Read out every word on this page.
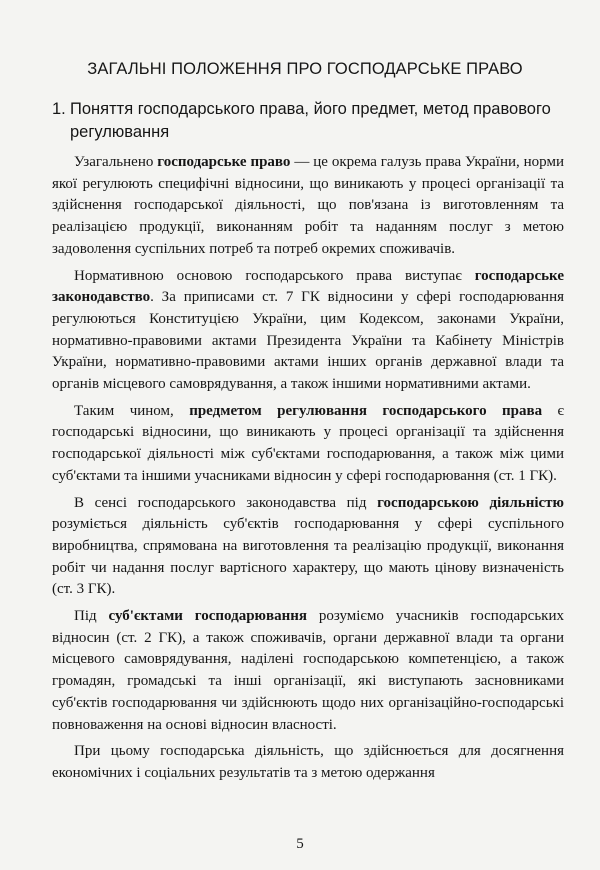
ЗАГАЛЬНІ ПОЛОЖЕННЯ ПРО ГОСПОДАРСЬКЕ ПРАВО
1. Поняття господарського права, його предмет, метод правового регулювання

Узагальнено господарське право — це окрема галузь права України, норми якої регулюють специфічні відносини, що виникають у процесі організації та здійснення господарської діяльності, що пов'язана із виготовленням та реалізацією продукції, виконанням робіт та наданням послуг з метою задоволення суспільних потреб та потреб окремих споживачів.

Нормативною основою господарського права виступає господарське законодавство. За приписами ст. 7 ГК відносини у сфері господарювання регулюються Конституцією України, цим Кодексом, законами України, нормативно-правовими актами Президента України та Кабінету Міністрів України, нормативно-правовими актами інших органів державної влади та органів місцевого самоврядування, а також іншими нормативними актами.

Таким чином, предметом регулювання господарського права є господарські відносини, що виникають у процесі організації та здійснення господарської діяльності між суб'єктами господарювання, а також між цими суб'єктами та іншими учасниками відносин у сфері господарювання (ст. 1 ГК).

В сенсі господарського законодавства під господарською діяльністю розуміється діяльність суб'єктів господарювання у сфері суспільного виробництва, спрямована на виготовлення та реалізацію продукції, виконання робіт чи надання послуг вартісного характеру, що мають цінову визначеність (ст. 3 ГК).

Під суб'єктами господарювання розуміємо учасників господарських відносин (ст. 2 ГК), а також споживачів, органи державної влади та органи місцевого самоврядування, наділені господарською компетенцією, а також громадян, громадські та інші організації, які виступають засновниками суб'єктів господарювання чи здійснюють щодо них організаційно-господарські повноваження на основі відносин власності.

При цьому господарська діяльність, що здійснюється для досягнення економічних і соціальних результатів та з метою одержання

5
